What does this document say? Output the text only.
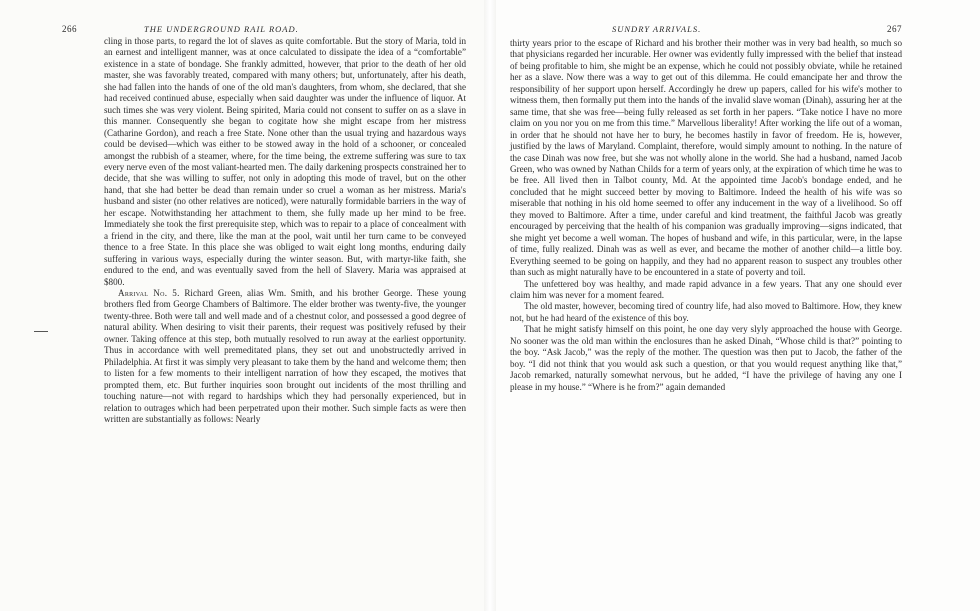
266	THE UNDERGROUND RAIL ROAD.

cling in those parts, to regard the lot of slaves as quite comfortable. But the story of Maria, told in an earnest and intelligent manner, was at once calculated to dissipate the idea of a “comfortable” existence in a state of bondage. She frankly admitted, however, that prior to the death of her old master, she was favorably treated, compared with many others; but, unfortunately, after his death, she had fallen into the hands of one of the old man's daughters, from whom, she declared, that she had received continued abuse, especially when said daughter was under the influence of liquor. At such times she was very violent. Being spirited, Maria could not consent to suffer on as a slave in this manner. Consequently she began to cogitate how she might escape from her mistress (Catharine Gordon), and reach a free State. None other than the usual trying and hazardous ways could be devised—which was either to be stowed away in the hold of a schooner, or concealed amongst the rubbish of a steamer, where, for the time being, the extreme suffering was sure to tax every nerve even of the most valiant-hearted men. The daily darkening prospects constrained her to decide, that she was willing to suffer, not only in adopting this mode of travel, but on the other hand, that she had better be dead than remain under so cruel a woman as her mistress. Maria's husband and sister (no other relatives are noticed), were naturally formidable barriers in the way of her escape. Notwithstanding her attachment to them, she fully made up her mind to be free. Immediately she took the first prerequisite step, which was to repair to a place of concealment with a friend in the city, and there, like the man at the pool, wait until her turn came to be conveyed thence to a free State. In this place she was obliged to wait eight long months, enduring daily suffering in various ways, especially during the winter season. But, with martyr-like faith, she endured to the end, and was eventually saved from the hell of Slavery. Maria was appraised at $800.

Arrival No. 5. Richard Green, alias Wm. Smith, and his brother George. These young brothers fled from George Chambers of Baltimore. The elder brother was twenty-five, the younger twenty-three. Both were tall and well made and of a chestnut color, and possessed a good degree of natural ability. When desiring to visit their parents, their request was positively refused by their owner. Taking offence at this step, both mutually resolved to run away at the earliest opportunity. Thus in accordance with well premeditated plans, they set out and unobstructedly arrived in Philadelphia. At first it was simply very pleasant to take them by the hand and welcome them; then to listen for a few moments to their intelligent narration of how they escaped, the motives that prompted them, etc. But further inquiries soon brought out incidents of the most thrilling and touching nature—not with regard to hardships which they had personally experienced, but in relation to outrages which had been perpetrated upon their mother. Such simple facts as were then written are substantially as follows: Nearly

SUNDRY ARRIVALS.	267

thirty years prior to the escape of Richard and his brother their mother was in very bad health, so much so that physicians regarded her incurable. Her owner was evidently fully impressed with the belief that instead of being profitable to him, she might be an expense, which he could not possibly obviate, while he retained her as a slave. Now there was a way to get out of this dilemma. He could emancipate her and throw the responsibility of her support upon herself. Accordingly he drew up papers, called for his wife's mother to witness them, then formally put them into the hands of the invalid slave woman (Dinah), assuring her at the same time, that she was free—being fully released as set forth in her papers. “Take notice I have no more claim on you nor you on me from this time.” Marvellous liberality! After working the life out of a woman, in order that he should not have her to bury, he becomes hastily in favor of freedom. He is, however, justified by the laws of Maryland. Complaint, therefore, would simply amount to nothing. In the nature of the case Dinah was now free, but she was not wholly alone in the world. She had a husband, named Jacob Green, who was owned by Nathan Childs for a term of years only, at the expiration of which time he was to be free. All lived then in Talbot county, Md. At the appointed time Jacob's bondage ended, and he concluded that he might succeed better by moving to Baltimore. Indeed the health of his wife was so miserable that nothing in his old home seemed to offer any inducement in the way of a livelihood. So off they moved to Baltimore. After a time, under careful and kind treatment, the faithful Jacob was greatly encouraged by perceiving that the health of his companion was gradually improving—signs indicated, that she might yet become a well woman. The hopes of husband and wife, in this particular, were, in the lapse of time, fully realized. Dinah was as well as ever, and became the mother of another child—a little boy. Everything seemed to be going on happily, and they had no apparent reason to suspect any troubles other than such as might naturally have to be encountered in a state of poverty and toil.

The unfettered boy was healthy, and made rapid advance in a few years. That any one should ever claim him was never for a moment feared.

The old master, however, becoming tired of country life, had also moved to Baltimore. How, they knew not, but he had heard of the existence of this boy.

That he might satisfy himself on this point, he one day very slyly approached the house with George. No sooner was the old man within the enclosures than he asked Dinah, “Whose child is that?” pointing to the boy. “Ask Jacob,” was the reply of the mother. The question was then put to Jacob, the father of the boy. “I did not think that you would ask such a question, or that you would request anything like that,” Jacob remarked, naturally somewhat nervous, but he added, “I have the privilege of having any one I please in my house.” “Where is he from?” again demanded
